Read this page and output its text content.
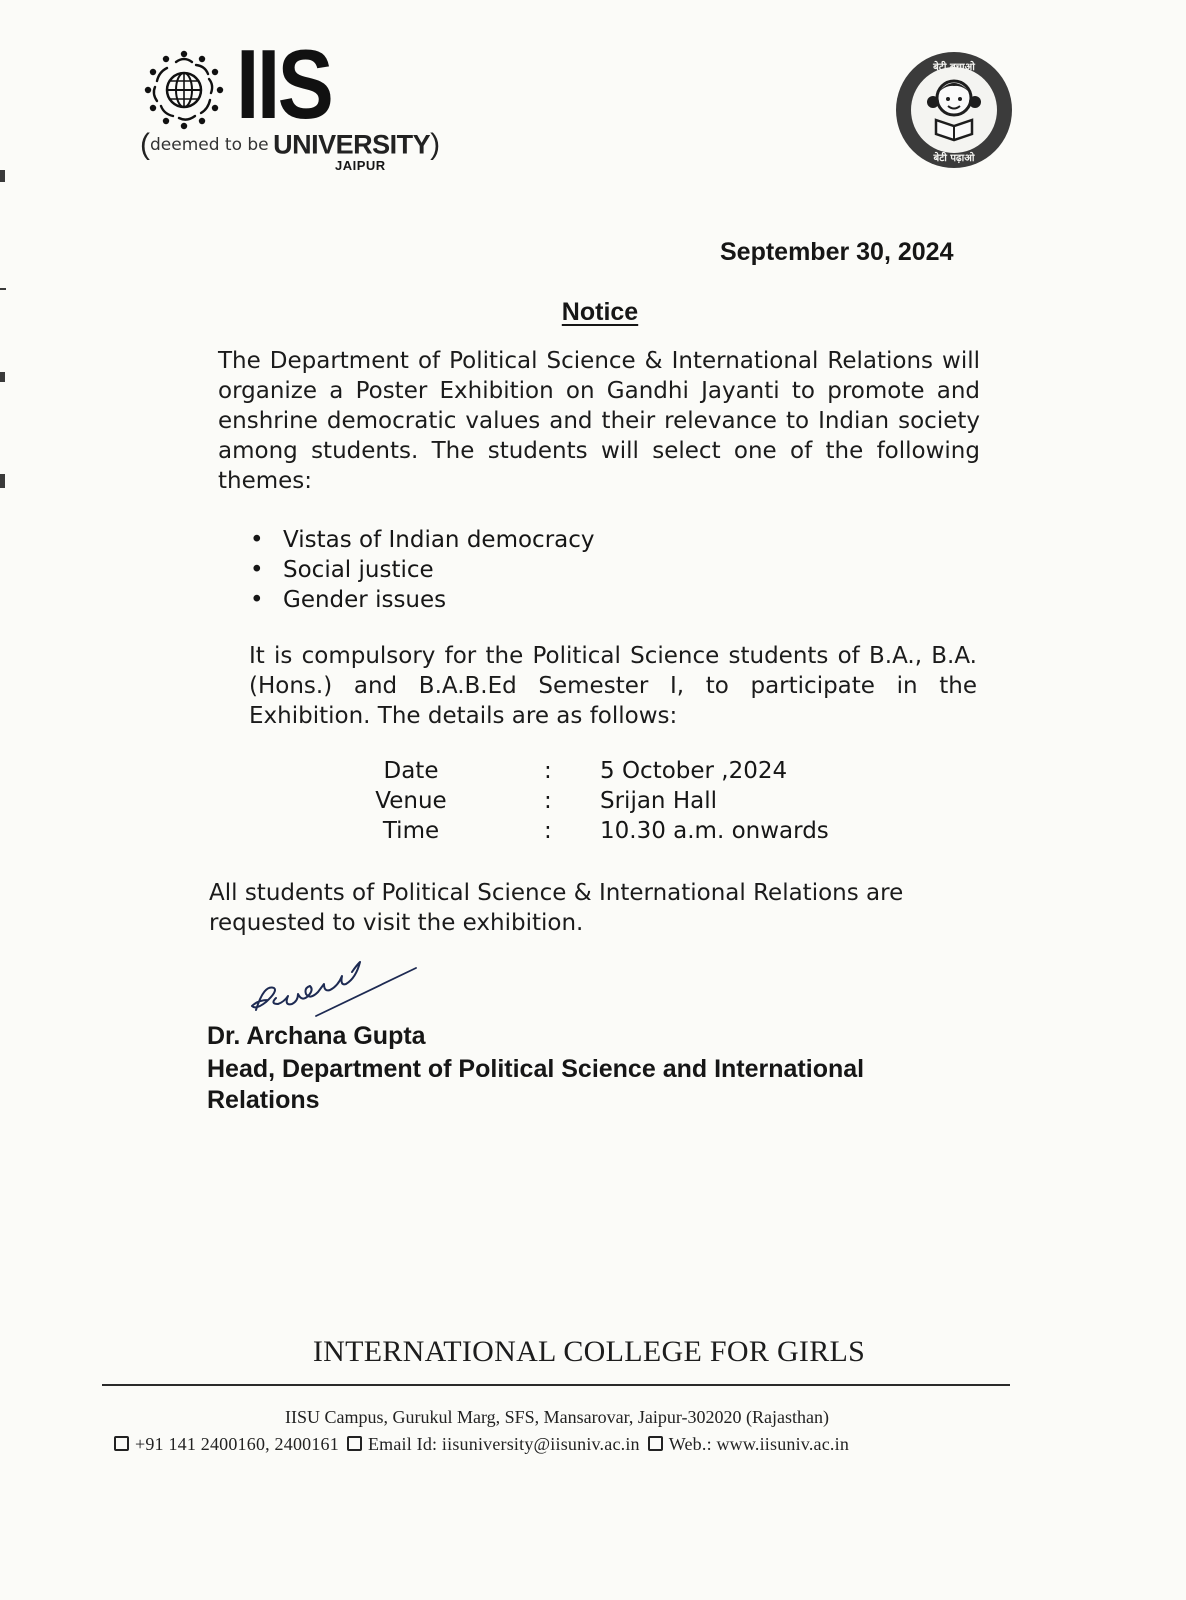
IIS
(deemed to be UNIVERSITY)
JAIPUR
बेटी बचाओ
बेटी पढ़ाओ
September 30, 2024
Notice
The Department of Political Science & International Relations will organize a Poster Exhibition on Gandhi Jayanti to promote and enshrine democratic values and their relevance to Indian society among students. The students will select one of the following themes:
• Vistas of Indian democracy
• Social justice
• Gender issues
It is compulsory for the Political Science students of B.A., B.A.(Hons.) and B.A.B.Ed Semester I, to participate in the Exhibition. The details are as follows:
Date	: 5 October ,2024
Venue	: Srijan Hall
Time	: 10.30 a.m. onwards
All students of Political Science & International Relations are requested to visit the exhibition.
Dr. Archana Gupta
Head, Department of Political Science and International Relations
INTERNATIONAL COLLEGE FOR GIRLS
IISU Campus, Gurukul Marg, SFS, Mansarovar, Jaipur-302020 (Rajasthan)
+91 141 2400160, 2400161 Email Id: iisuniversity@iisuniv.ac.in Web.: www.iisuniv.ac.in
